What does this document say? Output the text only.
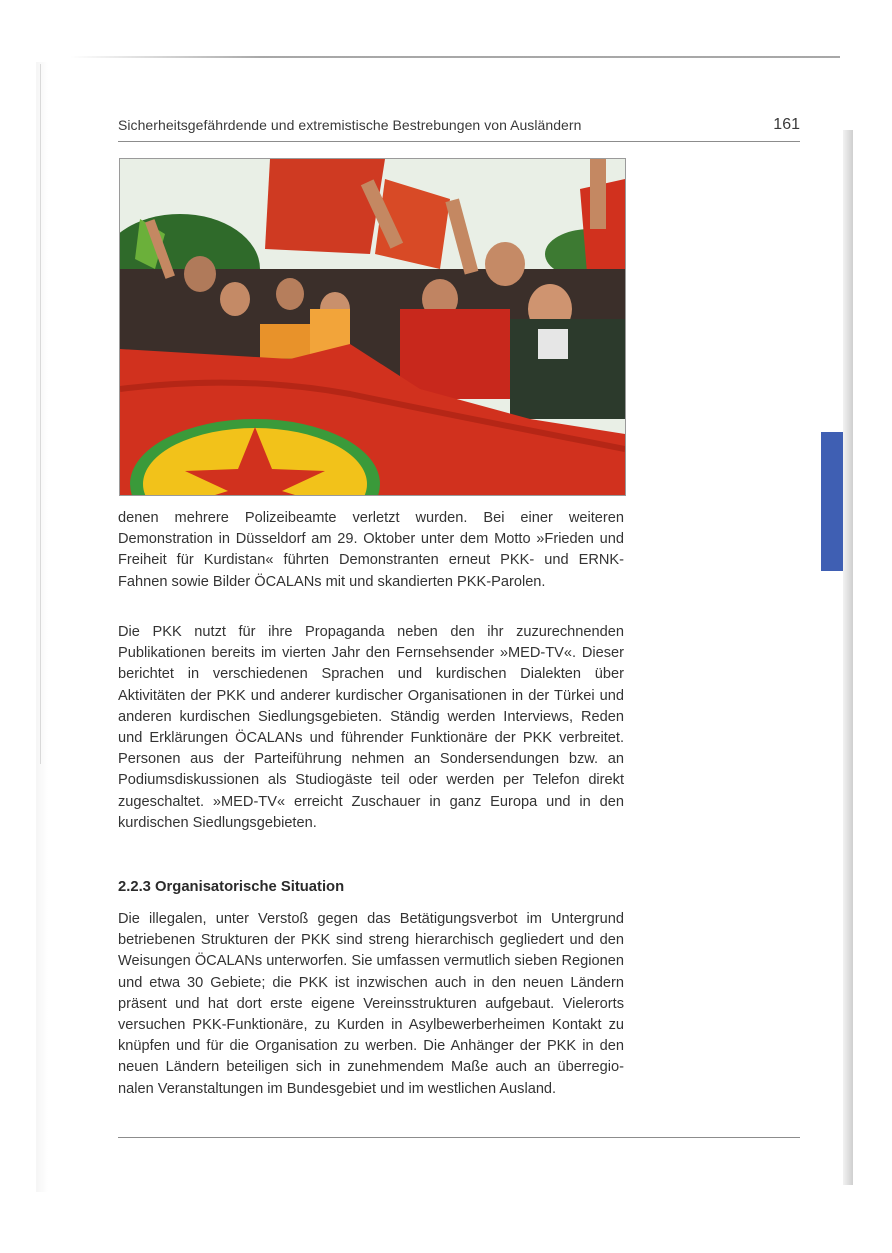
Sicherheitsgefährdende und extremistische Bestrebungen von Ausländern	161

denen mehrere Polizeibeamte verletzt wurden. Bei einer weiteren Demonstration in Düsseldorf am 29. Oktober unter dem Motto »Frieden und Freiheit für Kurdistan« führten Demonstranten erneut PKK- und ERNK-Fahnen sowie Bilder ÖCALANs mit und skandierten PKK-Parolen.

Die PKK nutzt für ihre Propaganda neben den ihr zuzurechnenden Publikationen bereits im vierten Jahr den Fernsehsender »MED-TV«. Dieser berichtet in verschiedenen Sprachen und kurdischen Dialekten über Aktivitäten der PKK und anderer kurdischer Organisationen in der Türkei und anderen kurdischen Siedlungsgebieten. Ständig werden Interviews, Reden und Erklärungen ÖCALANs und führender Funktionäre der PKK verbreitet. Personen aus der Parteiführung nehmen an Sondersendungen bzw. an Podiumsdiskussionen als Studiogäste teil oder werden per Telefon direkt zugeschaltet. »MED-TV« erreicht Zuschauer in ganz Europa und in den kurdischen Siedlungsgebieten.

2.2.3 Organisatorische Situation

Die illegalen, unter Verstoß gegen das Betätigungsverbot im Untergrund betriebenen Strukturen der PKK sind streng hierarchisch gegliedert und den Weisungen ÖCALANs unterworfen. Sie umfassen vermutlich sieben Regionen und etwa 30 Gebiete; die PKK ist inzwischen auch in den neuen Ländern präsent und hat dort erste eigene Vereinsstrukturen aufgebaut. Vielerorts versuchen PKK-Funktionäre, zu Kurden in Asylbewerberheimen Kontakt zu knüpfen und für die Organisation zu werben. Die Anhänger der PKK in den neuen Ländern beteiligen sich in zunehmendem Maße auch an überregionalen Veranstaltungen im Bundesgebiet und im westlichen Ausland.
